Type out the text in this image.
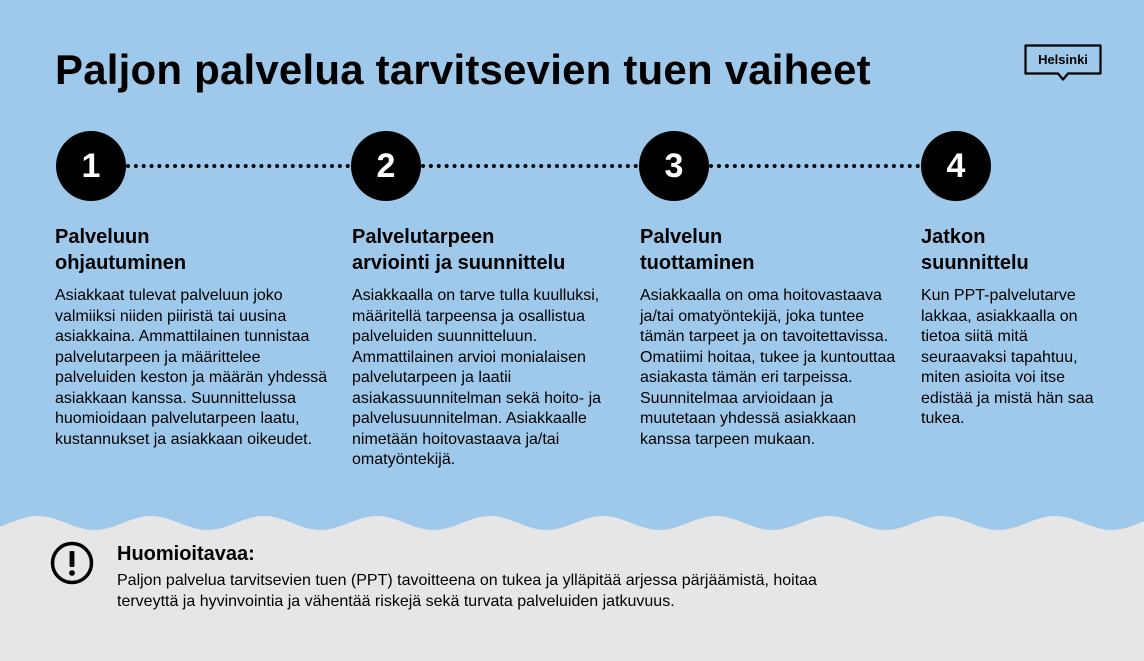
Paljon palvelua tarvitsevien tuen vaiheet	Helsinki
1
Palveluun
ohjautuminen

Asiakkaat tulevat palveluun joko valmiiksi niiden piiristä tai uusina asiakkaina. Ammattilainen tunnistaa palvelutarpeen ja määrittelee palveluiden keston ja määrän yhdessä asiakkaan kanssa. Suunnittelussa huomioidaan palvelutarpeen laatu, kustannukset ja asiakkaan oikeudet.

2
Palvelutarpeen
arviointi ja suunnittelu

Asiakkaalla on tarve tulla kuulluksi, määritellä tarpeensa ja osallistua palveluiden suunnitteluun. Ammattilainen arvioi monialaisen palvelutarpeen ja laatii asiakassuunnitelman sekä hoito- ja palvelusuunnitelman. Asiakkaalle nimetään hoitovastaava ja/tai omatyöntekijä.

3
Palvelun
tuottaminen

Asiakkaalla on oma hoitovastaava ja/tai omatyöntekijä, joka tuntee tämän tarpeet ja on tavoitettavissa. Omatiimi hoitaa, tukee ja kuntouttaa asiakasta tämän eri tarpeissa. Suunnitelmaa arvioidaan ja muutetaan yhdessä asiakkaan kanssa tarpeen mukaan.

4
Jatkon
suunnittelu

Kun PPT-palvelutarve lakkaa, asiakkaalla on tietoa siitä mitä seuraavaksi tapahtuu, miten asioita voi itse edistää ja mistä hän saa tukea.

Huomioitavaa:

Paljon palvelua tarvitsevien tuen (PPT) tavoitteena on tukea ja ylläpitää arjessa pärjäämistä, hoitaa terveyttä ja hyvinvointia ja vähentää riskejä sekä turvata palveluiden jatkuvuus.
